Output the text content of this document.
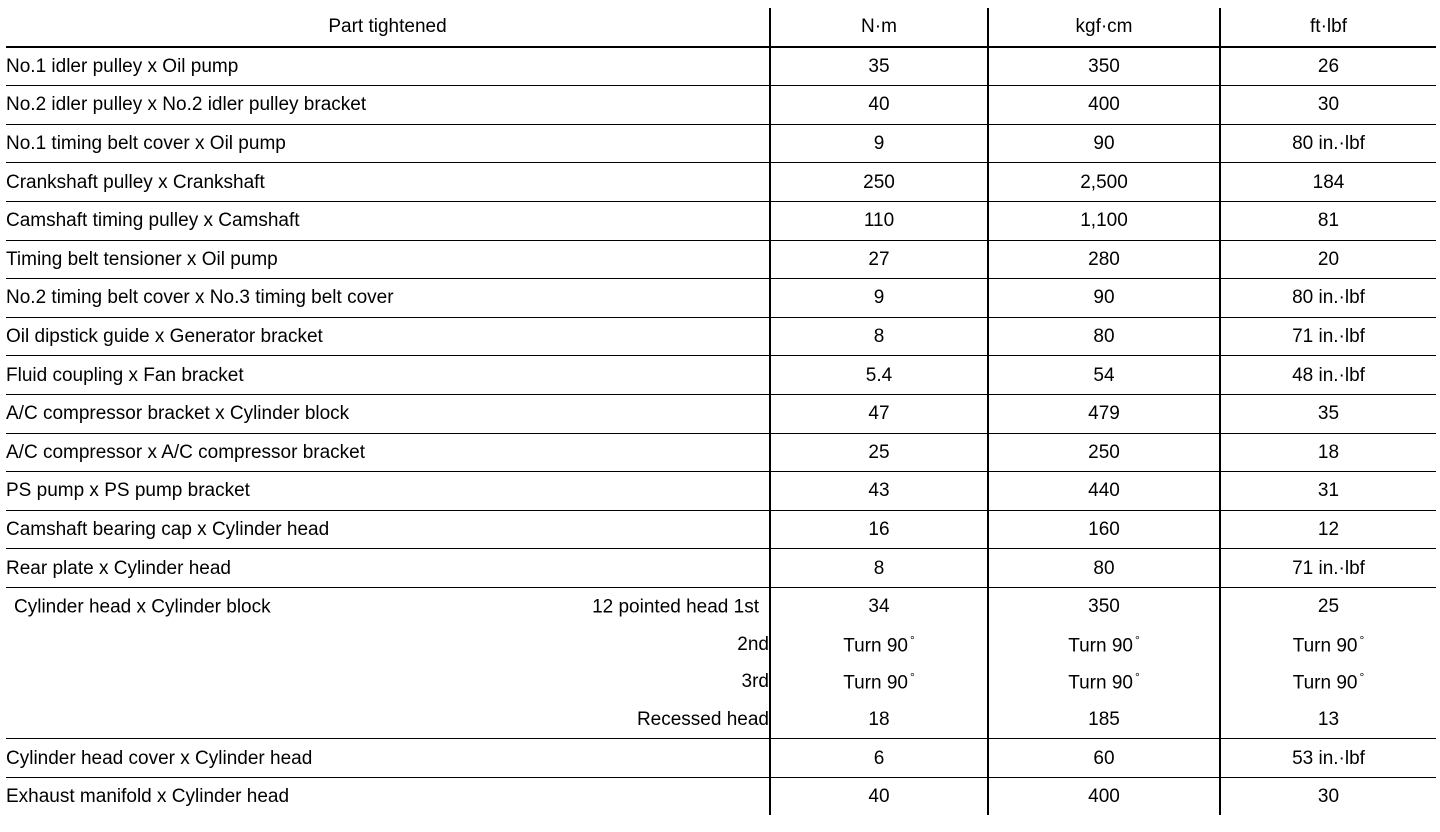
Part tightened	N·m	kgf·cm	ft·lbf
No.1 idler pulley x Oil pump	35	350	26
No.2 idler pulley x No.2 idler pulley bracket	40	400	30
No.1 timing belt cover x Oil pump	9	90	80 in.·lbf
Crankshaft pulley x Crankshaft	250	2,500	184
Camshaft timing pulley x Camshaft	110	1,100	81
Timing belt tensioner x Oil pump	27	280	20
No.2 timing belt cover x No.3 timing belt cover	9	90	80 in.·lbf
Oil dipstick guide x Generator bracket	8	80	71 in.·lbf
Fluid coupling x Fan bracket	5.4	54	48 in.·lbf
A/C compressor bracket x Cylinder block	47	479	35
A/C compressor x A/C compressor bracket	25	250	18
PS pump x PS pump bracket	43	440	31
Camshaft bearing cap x Cylinder head	16	160	12
Rear plate x Cylinder head	8	80	71 in.·lbf

Cylinder head x Cylinder block 12 pointed head 1st	34	350	25
2nd	Turn 90 °	Turn 90 °	Turn 90 °
3rd	Turn 90 °	Turn 90 °	Turn 90 °
Recessed head	18	185	13
Cylinder head cover x Cylinder head	6	60	53 in.·lbf
Exhaust manifold x Cylinder head	40	400	30
